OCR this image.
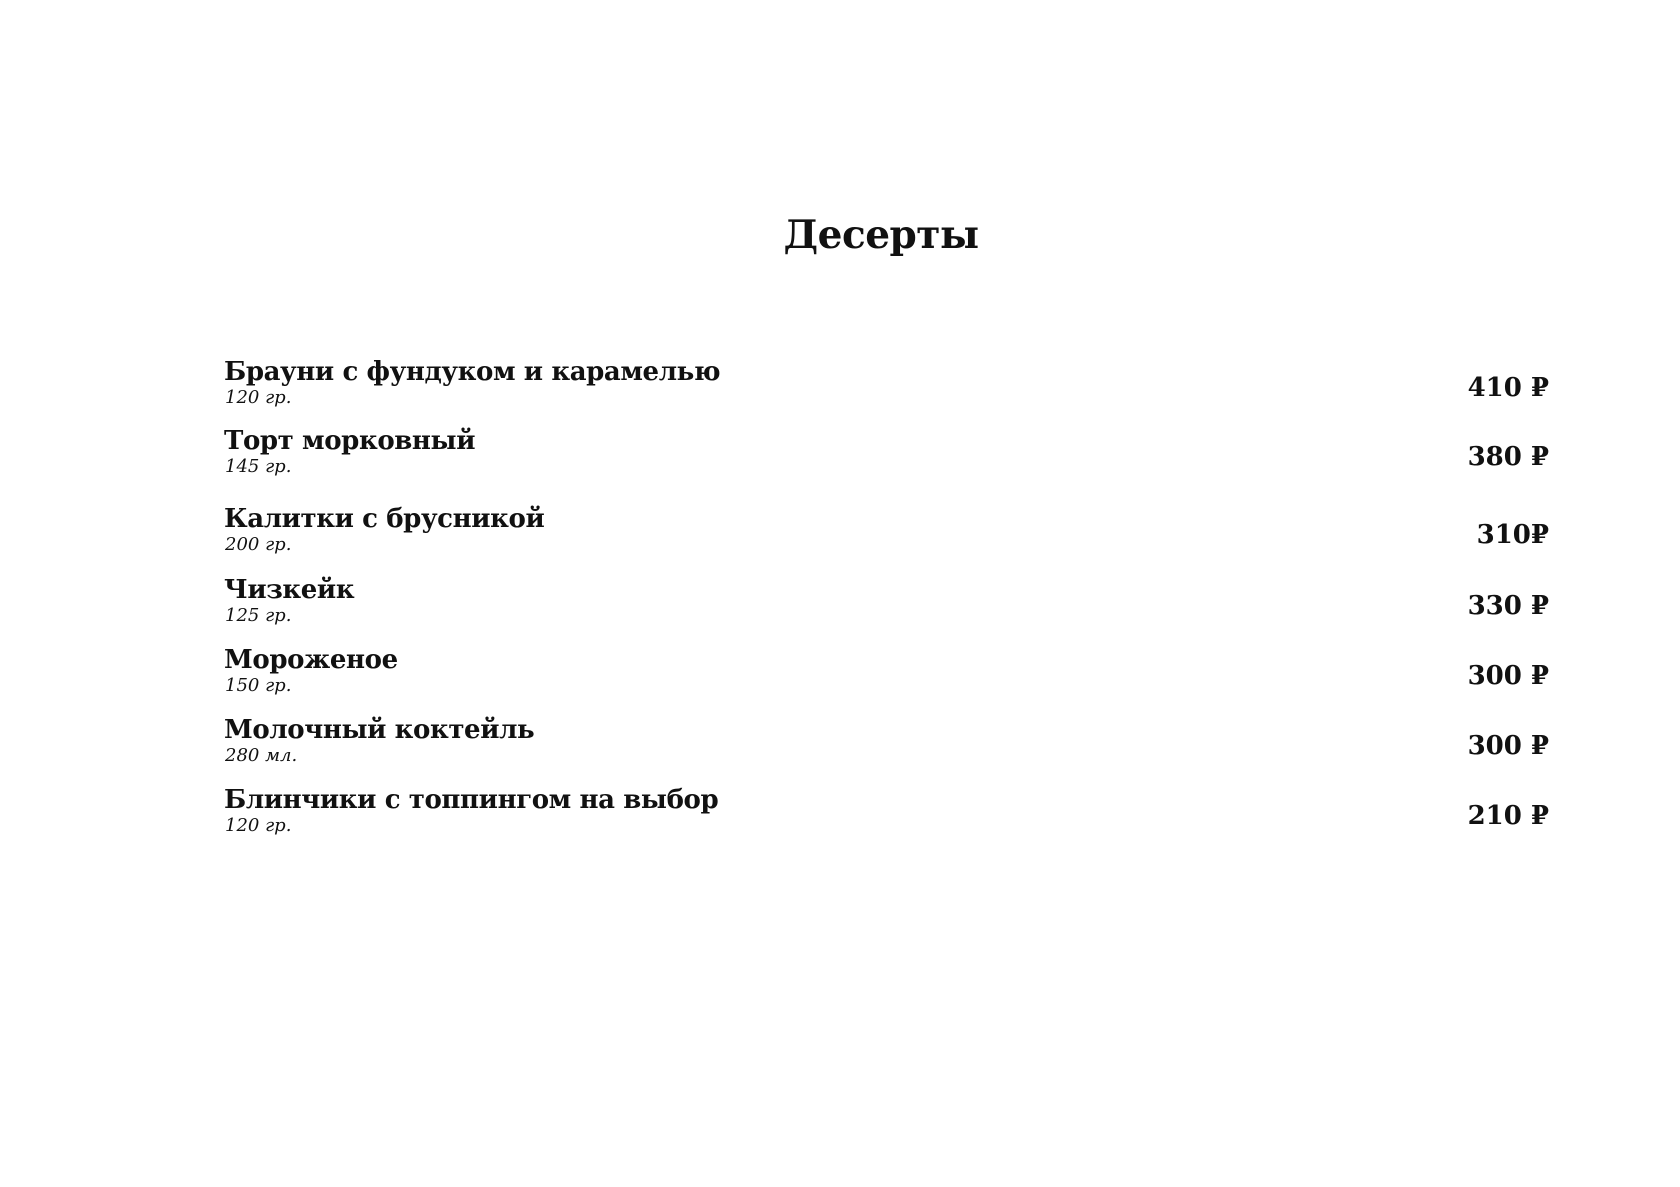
Десерты
Брауни с фундуком и карамелью
120 гр.	410 ₽
Торт морковный
145 гр.	380 ₽
Калитки с брусникой
200 гр.	310₽
Чизкейк
125 гр.	330 ₽
Мороженое
150 гр.	300 ₽
Молочный коктейль
280 мл.	300 ₽
Блинчики с топпингом на выбор
120 гр.	210 ₽
